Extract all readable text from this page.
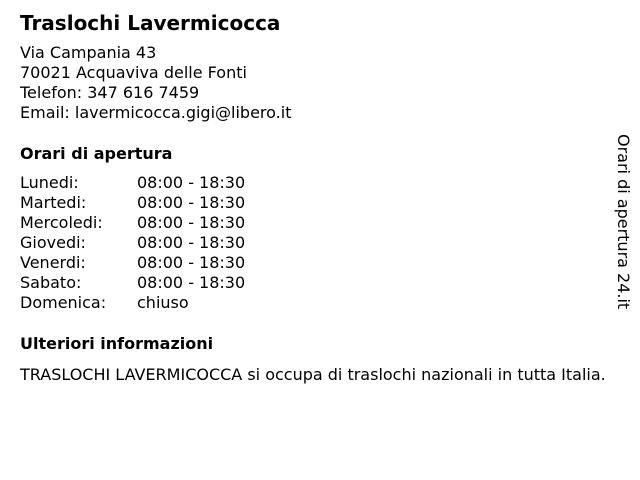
Traslochi Lavermicocca
Via Campania 43
70021 Acquaviva delle Fonti
Telefon: 347 616 7459
Email: lavermicocca.gigi@libero.it
Orari di apertura
Lunedi:	08:00 - 18:30
Martedi:	08:00 - 18:30
Mercoledi:	08:00 - 18:30
Giovedi:	08:00 - 18:30
Venerdi:	08:00 - 18:30
Sabato:	08:00 - 18:30
Domenica:	chiuso
Ulteriori informazioni
TRASLOCHI LAVERMICOCCA si occupa di traslochi nazionali in tutta Italia.
Orari di apertura 24.it
